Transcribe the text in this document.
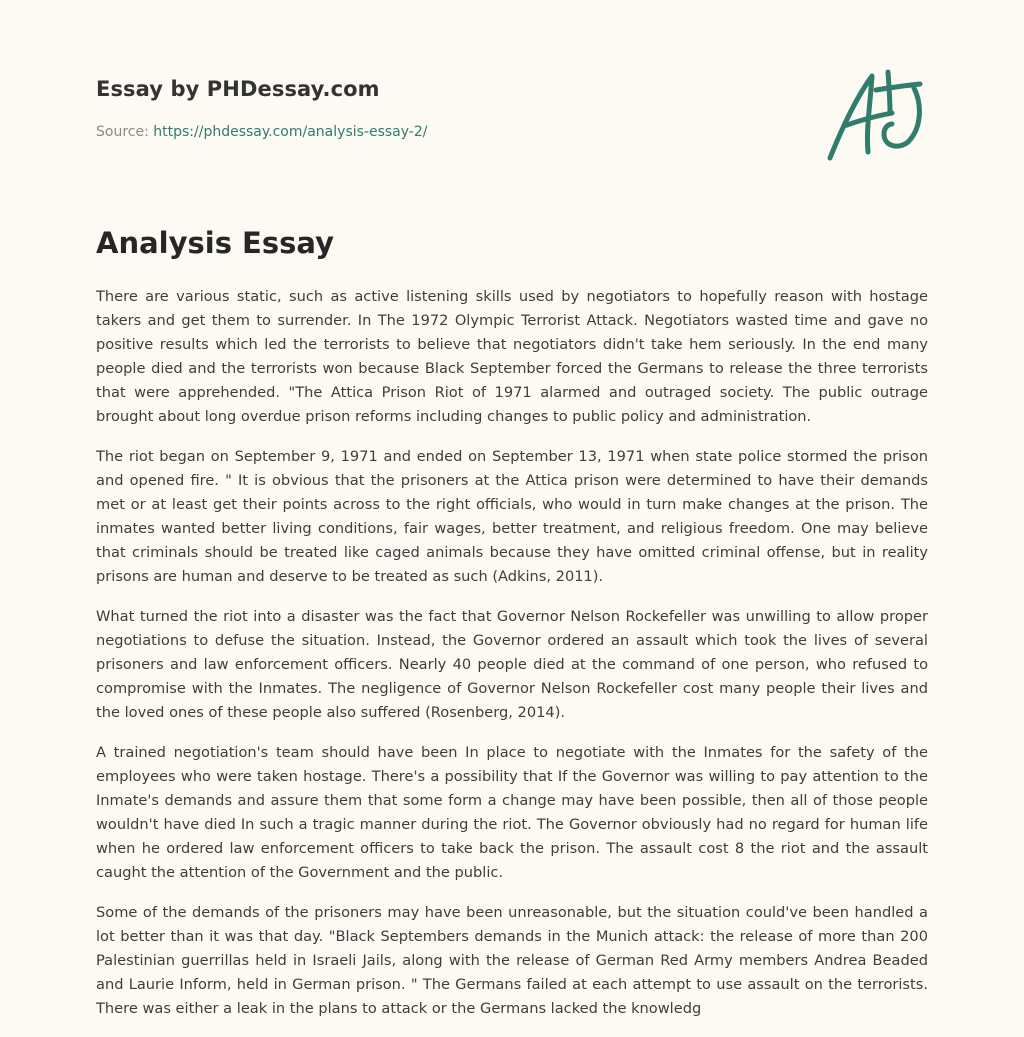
Essay by PHDessay.com
Source: https://phdessay.com/analysis-essay-2/
Analysis Essay

There are various static, such as active listening skills used by negotiators to hopefully reason with hostage takers and get them to surrender. In The 1972 Olympic Terrorist Attack. Negotiators wasted time and gave no positive results which led the terrorists to believe that negotiators didn't take hem seriously. In the end many people died and the terrorists won because Black September forced the Germans to release the three terrorists that were apprehended. "The Attica Prison Riot of 1971 alarmed and outraged society. The public outrage brought about long overdue prison reforms including changes to public policy and administration.

The riot began on September 9, 1971 and ended on September 13, 1971 when state police stormed the prison and opened fire. " It is obvious that the prisoners at the Attica prison were determined to have their demands met or at least get their points across to the right officials, who would in turn make changes at the prison. The inmates wanted better living conditions, fair wages, better treatment, and religious freedom. One may believe that criminals should be treated like caged animals because they have omitted criminal offense, but in reality prisons are human and deserve to be treated as such (Adkins, 2011).

What turned the riot into a disaster was the fact that Governor Nelson Rockefeller was unwilling to allow proper negotiations to defuse the situation. Instead, the Governor ordered an assault which took the lives of several prisoners and law enforcement officers. Nearly 40 people died at the command of one person, who refused to compromise with the Inmates. The negligence of Governor Nelson Rockefeller cost many people their lives and the loved ones of these people also suffered (Rosenberg, 2014).

A trained negotiation's team should have been In place to negotiate with the Inmates for the safety of the employees who were taken hostage. There's a possibility that If the Governor was willing to pay attention to the Inmate's demands and assure them that some form a change may have been possible, then all of those people wouldn't have died In such a tragic manner during the riot. The Governor obviously had no regard for human life when he ordered law enforcement officers to take back the prison. The assault cost 8 the riot and the assault caught the attention of the Government and the public.

Some of the demands of the prisoners may have been unreasonable, but the situation could've been handled a lot better than it was that day. "Black Septembers demands in the Munich attack: the release of more than 200 Palestinian guerrillas held in Israeli Jails, along with the release of German Red Army members Andrea Beaded and Laurie Inform, held in German prison. " The Germans failed at each attempt to use assault on the terrorists. There was either a leak in the plans to attack or the Germans lacked the knowledg
